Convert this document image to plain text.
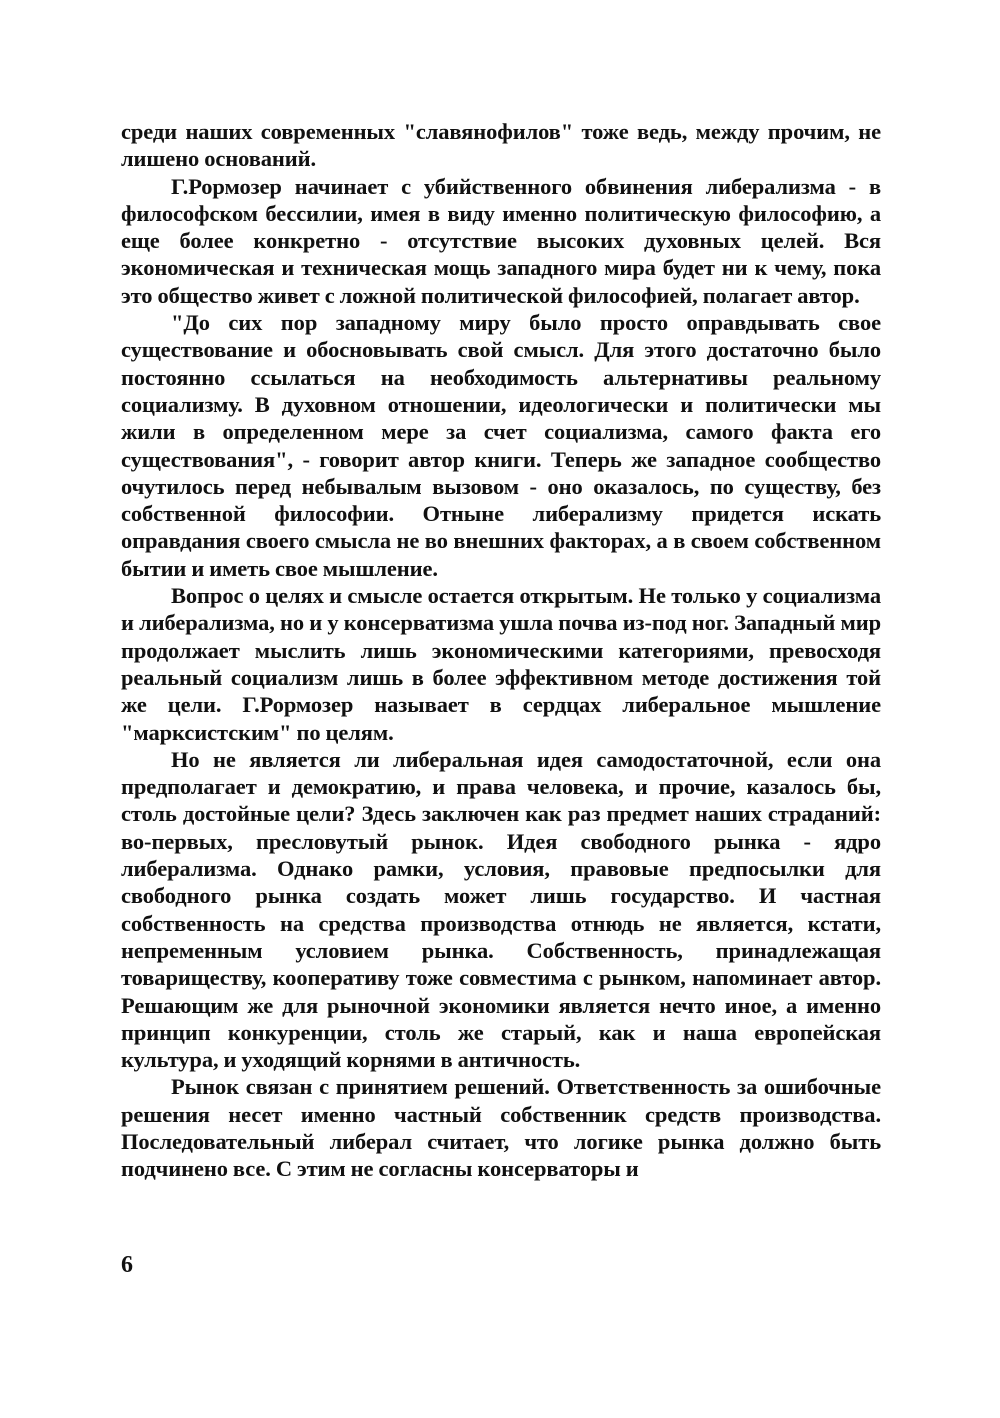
среди наших современных "славянофилов" тоже ведь, между прочим, не лишено оснований.

Г.Рормозер начинает с убийственного обвинения либерализма - в философском бессилии, имея в виду именно политическую философию, а еще более конкретно - отсутствие высоких духовных целей. Вся экономическая и техническая мощь западного мира будет ни к чему, пока это общество живет с ложной политической философией, полагает автор.

"До сих пор западному миру было просто оправдывать свое существование и обосновывать свой смысл. Для этого достаточно было постоянно ссылаться на необходимость альтернативы реальному социализму. В духовном отношении, идеологически и политически мы жили в определенном мере за счет социализма, самого факта его существования", - говорит автор книги. Теперь же западное сообщество очутилось перед небывалым вызовом - оно оказалось, по существу, без собственной философии. Отныне либерализму придется искать оправдания своего смысла не во внешних факторах, а в своем собственном бытии и иметь свое мышление.

Вопрос о целях и смысле остается открытым. Не только у социализма и либерализма, но и у консерватизма ушла почва из-под ног. Западный мир продолжает мыслить лишь экономическими категориями, превосходя реальный социализм лишь в более эффективном методе достижения той же цели. Г.Рормозер называет в сердцах либеральное мышление "марксистским" по целям.

Но не является ли либеральная идея самодостаточной, если она предполагает и демократию, и права человека, и прочие, казалось бы, столь достойные цели? Здесь заключен как раз предмет наших страданий: во-первых, пресловутый рынок. Идея свободного рынка - ядро либерализма. Однако рамки, условия, правовые предпосылки для свободного рынка создать может лишь государство. И частная собственность на средства производства отнюдь не является, кстати, непременным условием рынка. Собственность, принадлежащая товариществу, кооперативу тоже совместима с рынком, напоминает автор. Решающим же для рыночной экономики является нечто иное, а именно принцип конкуренции, столь же старый, как и наша европейская культура, и уходящий корнями в античность.

Рынок связан с принятием решений. Ответственность за ошибочные решения несет именно частный собственник средств производства. Последовательный либерал считает, что логике рынка должно быть подчинено все. С этим не согласны консерваторы и

6
